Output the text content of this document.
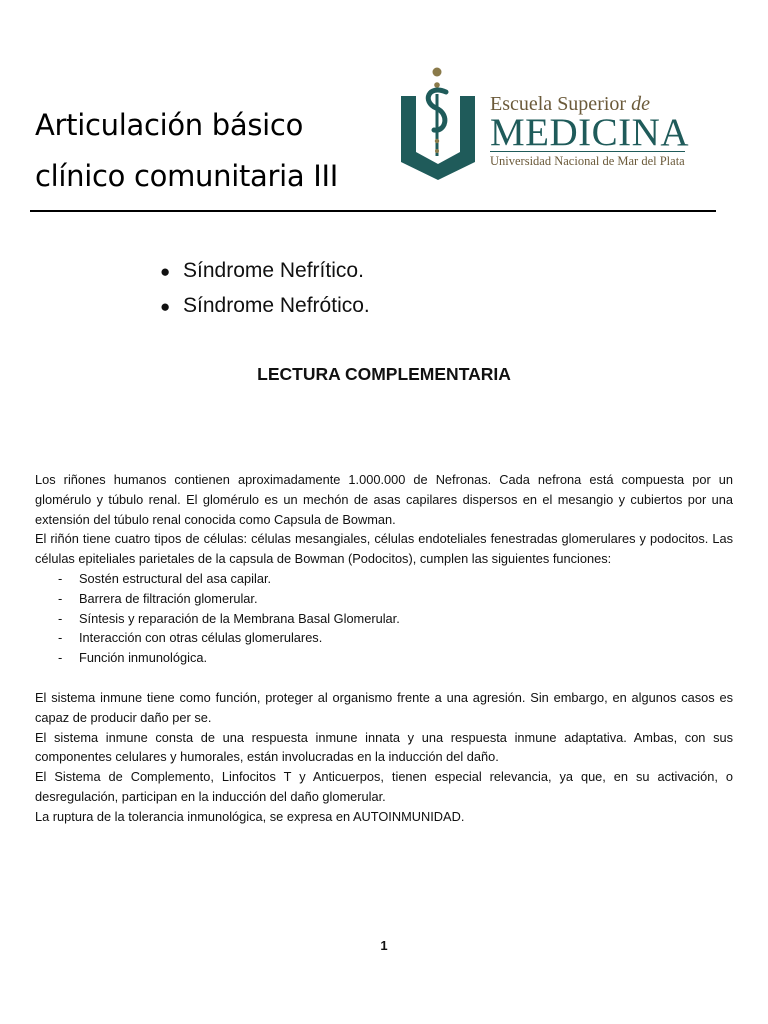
Articulación básico
clínico comunitaria III
Escuela Superior de
MEDICINA
Universidad Nacional de Mar del Plata
● Síndrome Nefrítico.
● Síndrome Nefrótico.
LECTURA COMPLEMENTARIA

Los riñones humanos contienen aproximadamente 1.000.000 de Nefronas. Cada nefrona está compuesta por un glomérulo y túbulo renal. El glomérulo es un mechón de asas capilares dispersos en el mesangio y cubiertos por una extensión del túbulo renal conocida como Capsula de Bowman.

El riñón tiene cuatro tipos de células: células mesangiales, células endoteliales fenestradas glomerulares y podocitos. Las células epiteliales parietales de la capsula de Bowman (Podocitos), cumplen las siguientes funciones:

-	Sostén estructural del asa capilar.
-	Barrera de filtración glomerular.
-	Síntesis y reparación de la Membrana Basal Glomerular.
-	Interacción con otras células glomerulares.
-	Función inmunológica.

El sistema inmune tiene como función, proteger al organismo frente a una agresión. Sin embargo, en algunos casos es capaz de producir daño per se.

El sistema inmune consta de una respuesta inmune innata y una respuesta inmune adaptativa. Ambas, con sus componentes celulares y humorales, están involucradas en la inducción del daño.

El Sistema de Complemento, Linfocitos T y Anticuerpos, tienen especial relevancia, ya que, en su activación, o desregulación, participan en la inducción del daño glomerular.

La ruptura de la tolerancia inmunológica, se expresa en AUTOINMUNIDAD.

1
